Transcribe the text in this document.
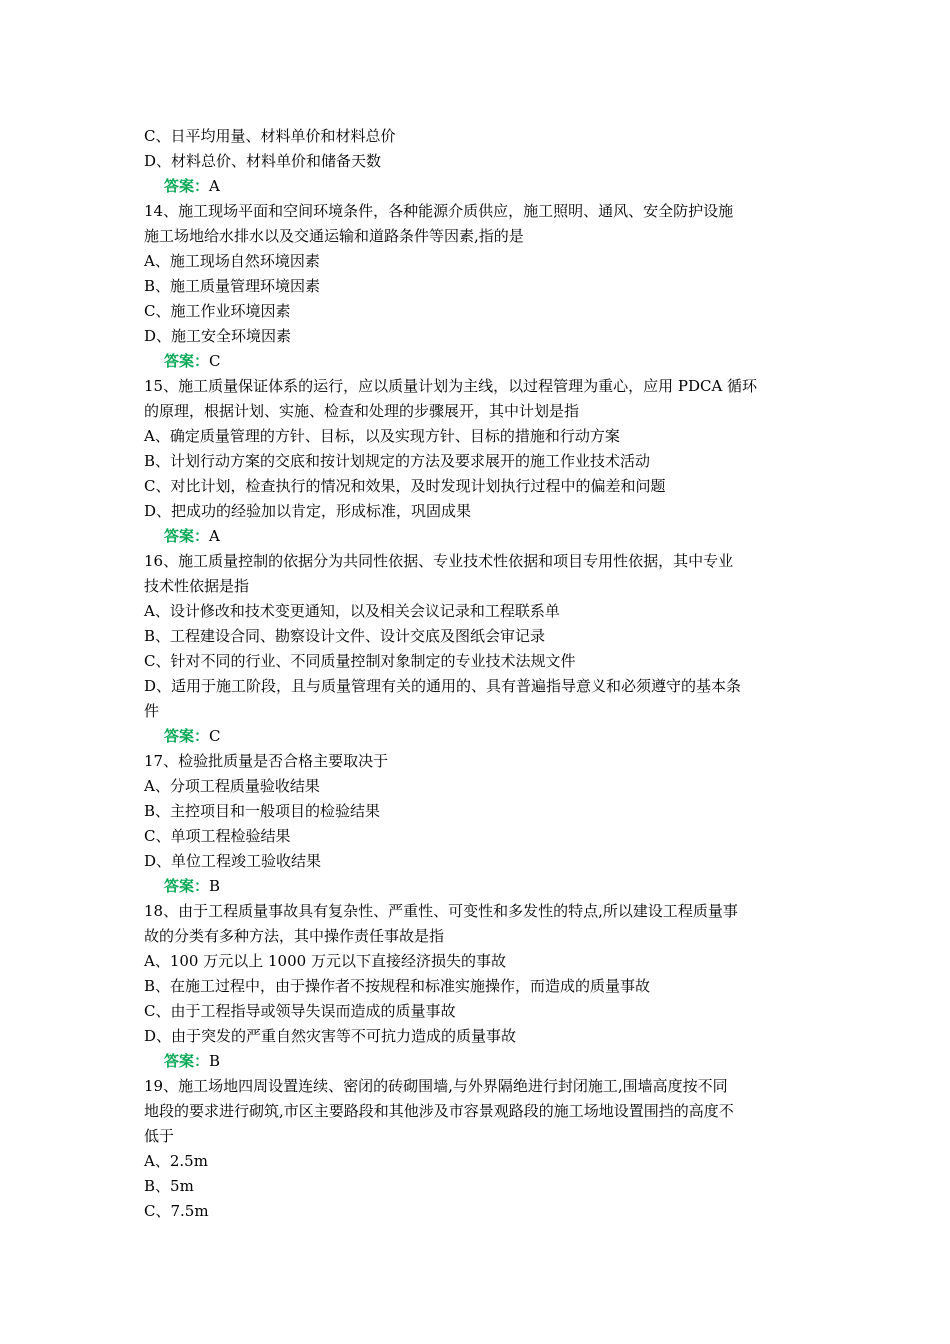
C、日平均用量、材料单价和材料总价
D、材料总价、材料单价和储备天数
答案：A
14、施工现场平面和空间环境条件，各种能源介质供应，施工照明、通风、安全防护设施
施工场地给水排水以及交通运输和道路条件等因素,指的是
A、施工现场自然环境因素
B、施工质量管理环境因素
C、施工作业环境因素
D、施工安全环境因素
答案：C
15、施工质量保证体系的运行，应以质量计划为主线，以过程管理为重心，应用 PDCA 循环
的原理，根据计划、实施、检查和处理的步骤展开，其中计划是指
A、确定质量管理的方针、目标，以及实现方针、目标的措施和行动方案
B、计划行动方案的交底和按计划规定的方法及要求展开的施工作业技术活动
C、对比计划，检查执行的情况和效果，及时发现计划执行过程中的偏差和问题
D、把成功的经验加以肯定，形成标准，巩固成果
答案：A
16、施工质量控制的依据分为共同性依据、专业技术性依据和项目专用性依据，其中专业
技术性依据是指
A、设计修改和技术变更通知，以及相关会议记录和工程联系单
B、工程建设合同、勘察设计文件、设计交底及图纸会审记录
C、针对不同的行业、不同质量控制对象制定的专业技术法规文件
D、适用于施工阶段，且与质量管理有关的通用的、具有普遍指导意义和必须遵守的基本条
件
答案：C
17、检验批质量是否合格主要取决于
A、分项工程质量验收结果
B、主控项目和一般项目的检验结果
C、单项工程检验结果
D、单位工程竣工验收结果
答案：B
18、由于工程质量事故具有复杂性、严重性、可变性和多发性的特点,所以建设工程质量事
故的分类有多种方法，其中操作责任事故是指
A、100 万元以上 1000 万元以下直接经济损失的事故
B、在施工过程中，由于操作者不按规程和标准实施操作，而造成的质量事故
C、由于工程指导或领导失误而造成的质量事故
D、由于突发的严重自然灾害等不可抗力造成的质量事故
答案：B
19、施工场地四周设置连续、密闭的砖砌围墙,与外界隔绝进行封闭施工,围墙高度按不同
地段的要求进行砌筑,市区主要路段和其他涉及市容景观路段的施工场地设置围挡的高度不
低于
A、2.5m
B、5m
C、7.5m
